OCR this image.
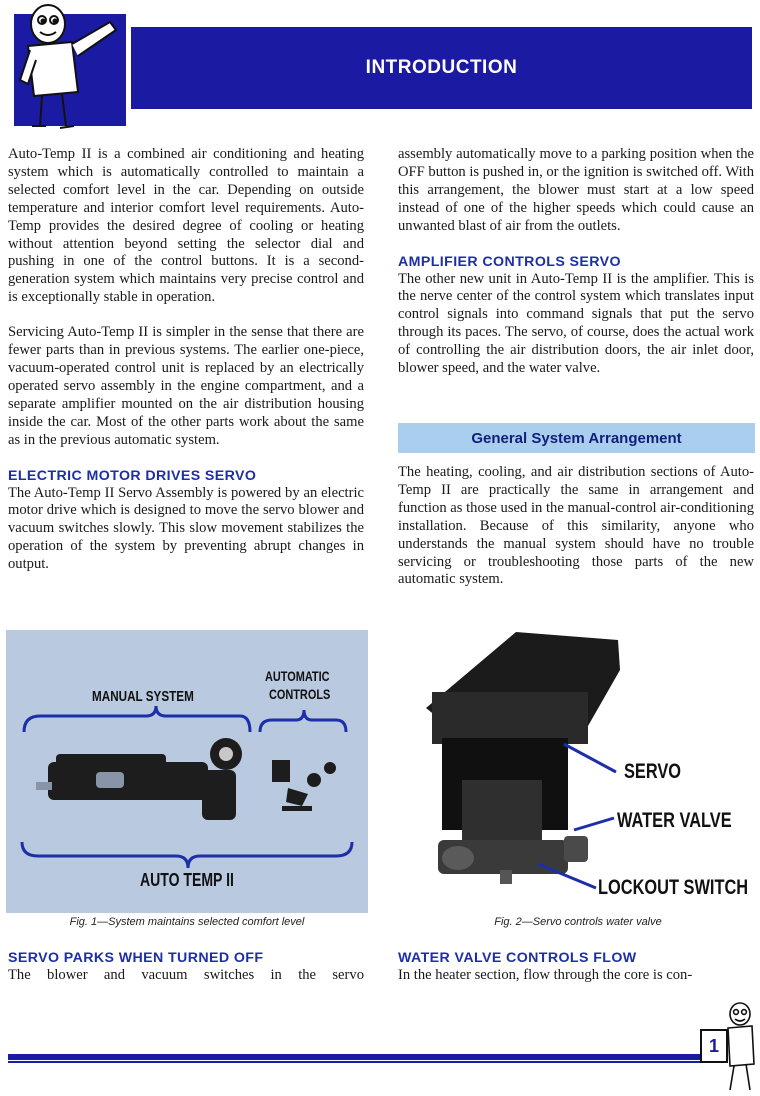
INTRODUCTION

Auto-Temp II is a combined air conditioning and heating system which is automatically controlled to maintain a selected comfort level in the car. Depending on outside temperature and interior comfort level requirements. Auto-Temp provides the desired degree of cooling or heating without attention beyond setting the selector dial and pushing in one of the control buttons. It is a second-generation system which maintains very precise control and is exceptionally stable in operation.

Servicing Auto-Temp II is simpler in the sense that there are fewer parts than in previous systems. The earlier one-piece, vacuum-operated control unit is replaced by an electrically operated servo assembly in the engine compartment, and a separate amplifier mounted on the air distribution housing inside the car. Most of the other parts work about the same as in the previous automatic system.

ELECTRIC MOTOR DRIVES SERVO

The Auto-Temp II Servo Assembly is powered by an electric motor drive which is designed to move the servo blower and vacuum switches slowly. This slow movement stabilizes the operation of the system by preventing abrupt changes in output.

assembly automatically move to a parking position when the OFF button is pushed in, or the ignition is switched off. With this arrangement, the blower must start at a low speed instead of one of the higher speeds which could cause an unwanted blast of air from the outlets.

AMPLIFIER CONTROLS SERVO

The other new unit in Auto-Temp II is the amplifier. This is the nerve center of the control system which translates input control signals into command signals that put the servo through its paces. The servo, of course, does the actual work of controlling the air distribution doors, the air inlet door, blower speed, and the water valve.

General System Arrangement
The heating, cooling, and air distribution sections of Auto-Temp II are practically the same in arrangement and function as those used in the manual-control air-conditioning installation. Because of this similarity, anyone who understands the manual system should have no trouble servicing or troubleshooting those parts of the new automatic system.
MANUAL SYSTEM
AUTOMATIC
CONTROLS
AUTO TEMP II
Fig. 1—System maintains selected comfort level
SERVO
WATER VALVE
LOCKOUT SWITCH
Fig. 2—Servo controls water valve
SERVO PARKS WHEN TURNED OFF

The blower and vacuum switches in the servo

WATER VALVE CONTROLS FLOW

In the heater section, flow through the core is con-

1
